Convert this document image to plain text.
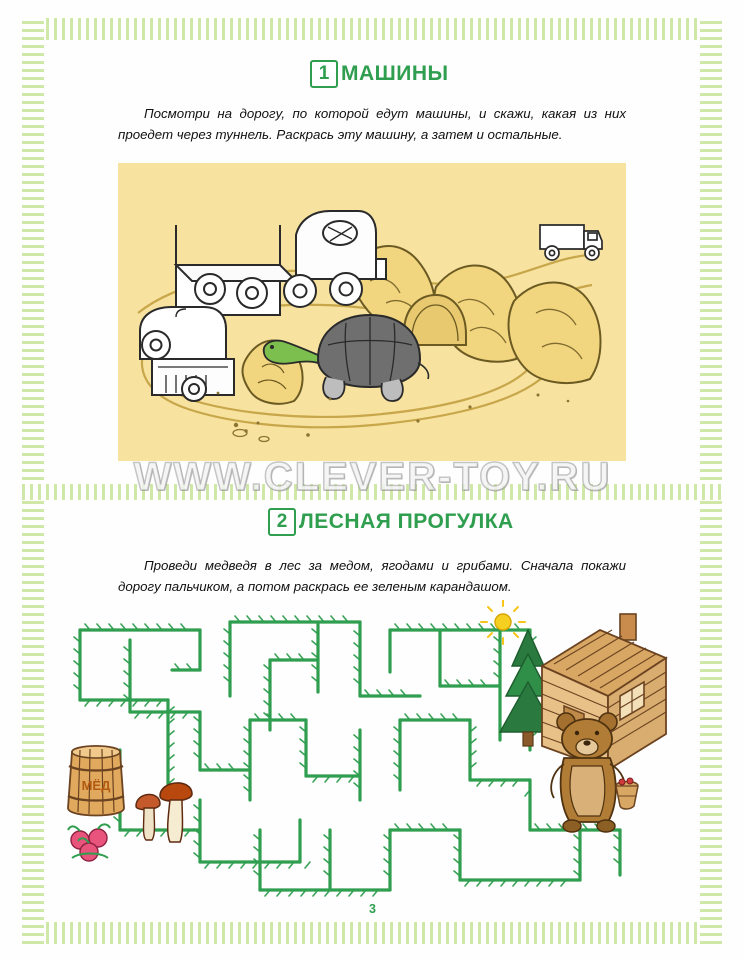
1 МАШИНЫ
Посмотри на дорогу, по которой едут машины, и скажи, какая из них проедет через туннель. Раскрась эту машину, а затем и остальные.
WWW.CLEVER-TOY.RU
2 ЛЕСНАЯ ПРОГУЛКА
Проведи медведя в лес за медом, ягодами и грибами. Сначала покажи дорогу пальчиком, а потом раскрась ее зеленым карандашом.
МЁД
3
